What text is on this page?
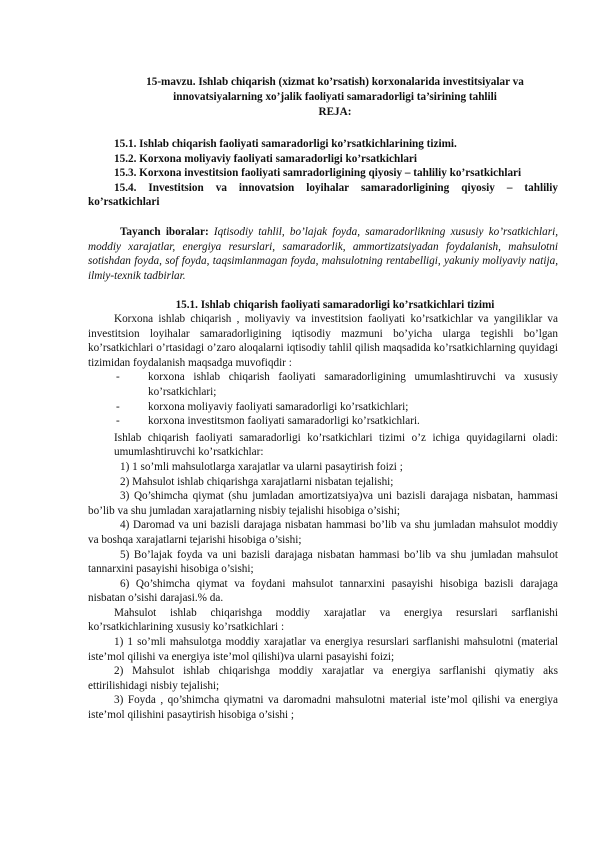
15-mavzu. Ishlab chiqarish (xizmat ko’rsatish) korxonalarida investitsiyalar va

innovatsiyalarning xo’jalik faoliyati samaradorligi ta’sirining tahlili

REJA:

15.1. Ishlab chiqarish faoliyati samaradorligi ko’rsatkichlarining tizimi.

15.2. Korxona moliyaviy faoliyati samaradorligi ko’rsatkichlari

15.3. Korxona investitsion faoliyati samradorligining qiyosiy – tahliliy ko’rsatkichlari

15.4. Investitsion va innovatsion loyihalar samaradorligining qiyosiy – tahliliy ko’rsatkichlari

Tayanch iboralar: Iqtisodiy tahlil, bo’lajak foyda, samaradorlikning xususiy ko’rsatkichlari, moddiy xarajatlar, energiya resurslari, samaradorlik, ammortizatsiyadan foydalanish, mahsulotni sotishdan foyda, sof foyda, taqsimlanmagan foyda, mahsulotning rentabelligi, yakuniy moliyaviy natija, ilmiy-texnik tadbirlar.

15.1. Ishlab chiqarish faoliyati samaradorligi ko’rsatkichlari tizimi

Korxona ishlab chiqarish , moliyaviy va investitsion faoliyati ko’rsatkichlar va yangiliklar va investitsion loyihalar samaradorligining iqtisodiy mazmuni bo’yicha ularga tegishli bo’lgan ko’rsatkichlari o’rtasidagi o’zaro aloqalarni iqtisodiy tahlil qilish maqsadida ko’rsatkichlarning quyidagi tizimidan foydalanish maqsadga muvofiqdir :

-	korxona ishlab chiqarish faoliyati samaradorligining umumlashtiruvchi va xususiy ko’rsatkichlari;
-	korxona moliyaviy faoliyati samaradorligi ko’rsatkichlari;
-	korxona investitsmon faoliyati samaradorligi ko’rsatkichlari.

Ishlab chiqarish faoliyati samaradorligi ko’rsatkichlari tizimi o’z ichiga quyidagilarni oladi: umumlashtiruvchi ko’rsatkichlar:

1) 1 so’mli mahsulotlarga xarajatlar va ularni pasaytirish foizi ;

2) Mahsulot ishlab chiqarishga xarajatlarni nisbatan tejalishi;

3) Qo’shimcha qiymat (shu jumladan amortizatsiya)va uni bazisli darajaga nisbatan, hammasi bo’lib va shu jumladan xarajatlarning nisbiy tejalishi hisobiga o’sishi;

4) Daromad va uni bazisli darajaga nisbatan hammasi bo’lib va shu jumladan mahsulot moddiy va boshqa xarajatlarni tejarishi hisobiga o’sishi;

5) Bo’lajak foyda va uni bazisli darajaga nisbatan hammasi bo’lib va shu jumladan mahsulot tannarxini pasayishi hisobiga o’sishi;

6) Qo’shimcha qiymat va foydani mahsulot tannarxini pasayishi hisobiga bazisli darajaga nisbatan o’sishi darajasi.% da.

Mahsulot ishlab chiqarishga moddiy xarajatlar va energiya resurslari sarflanishi ko’rsatkichlarining xususiy ko’rsatkichlari :

1) 1 so’mli mahsulotga moddiy xarajatlar va energiya resurslari sarflanishi mahsulotni (material iste’mol qilishi va energiya iste’mol qilishi)va ularni pasayishi foizi;

2) Mahsulot ishlab chiqarishga moddiy xarajatlar va energiya sarflanishi qiymatiy aks ettirilishidagi nisbiy tejalishi;

3) Foyda , qo’shimcha qiymatni va daromadni mahsulotni material iste’mol qilishi va energiya iste’mol qilishini pasaytirish hisobiga o’sishi ;
